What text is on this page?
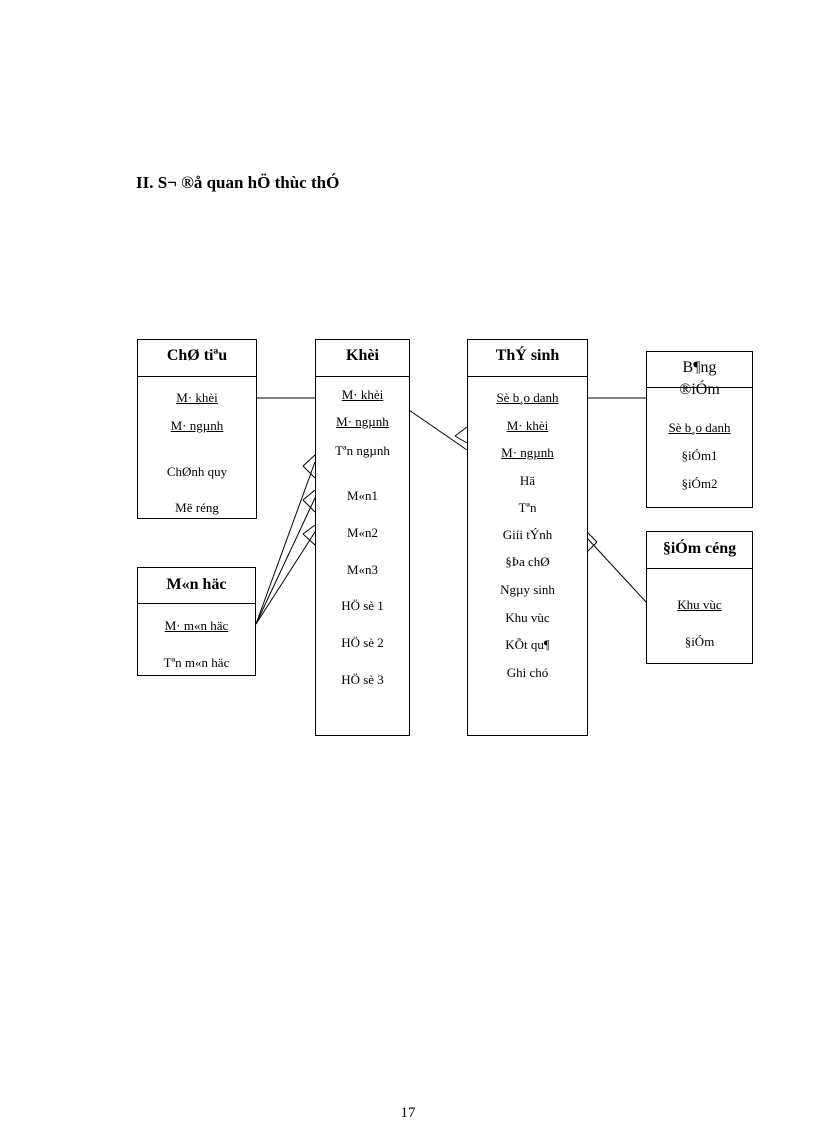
II. S¬ ®å quan hÖ thùc thÓ
ChØ tiªu
M· khèi
M· ngµnh
ChØnh quy
Më réng
Khèi
M· khèi
M· ngµnh
Tªn ngµnh
M«n1
M«n2
M«n3
HÖ sè 1
HÖ sè 2
HÖ sè 3
ThÝ sinh
Sè b¸o danh
M· khèi
M· ngµnh
Hä
Tªn
Giíi tÝnh
§Þa chØ
Ngµy sinh
Khu vùc
KÕt qu¶
Ghi chó
B¶ng
®iÓm
Sè b¸o danh
§iÓm1
§iÓm2
§iÓm céng
Khu vùc
§iÓm
M«n häc
M· m«n häc
Tªn m«n häc
17
